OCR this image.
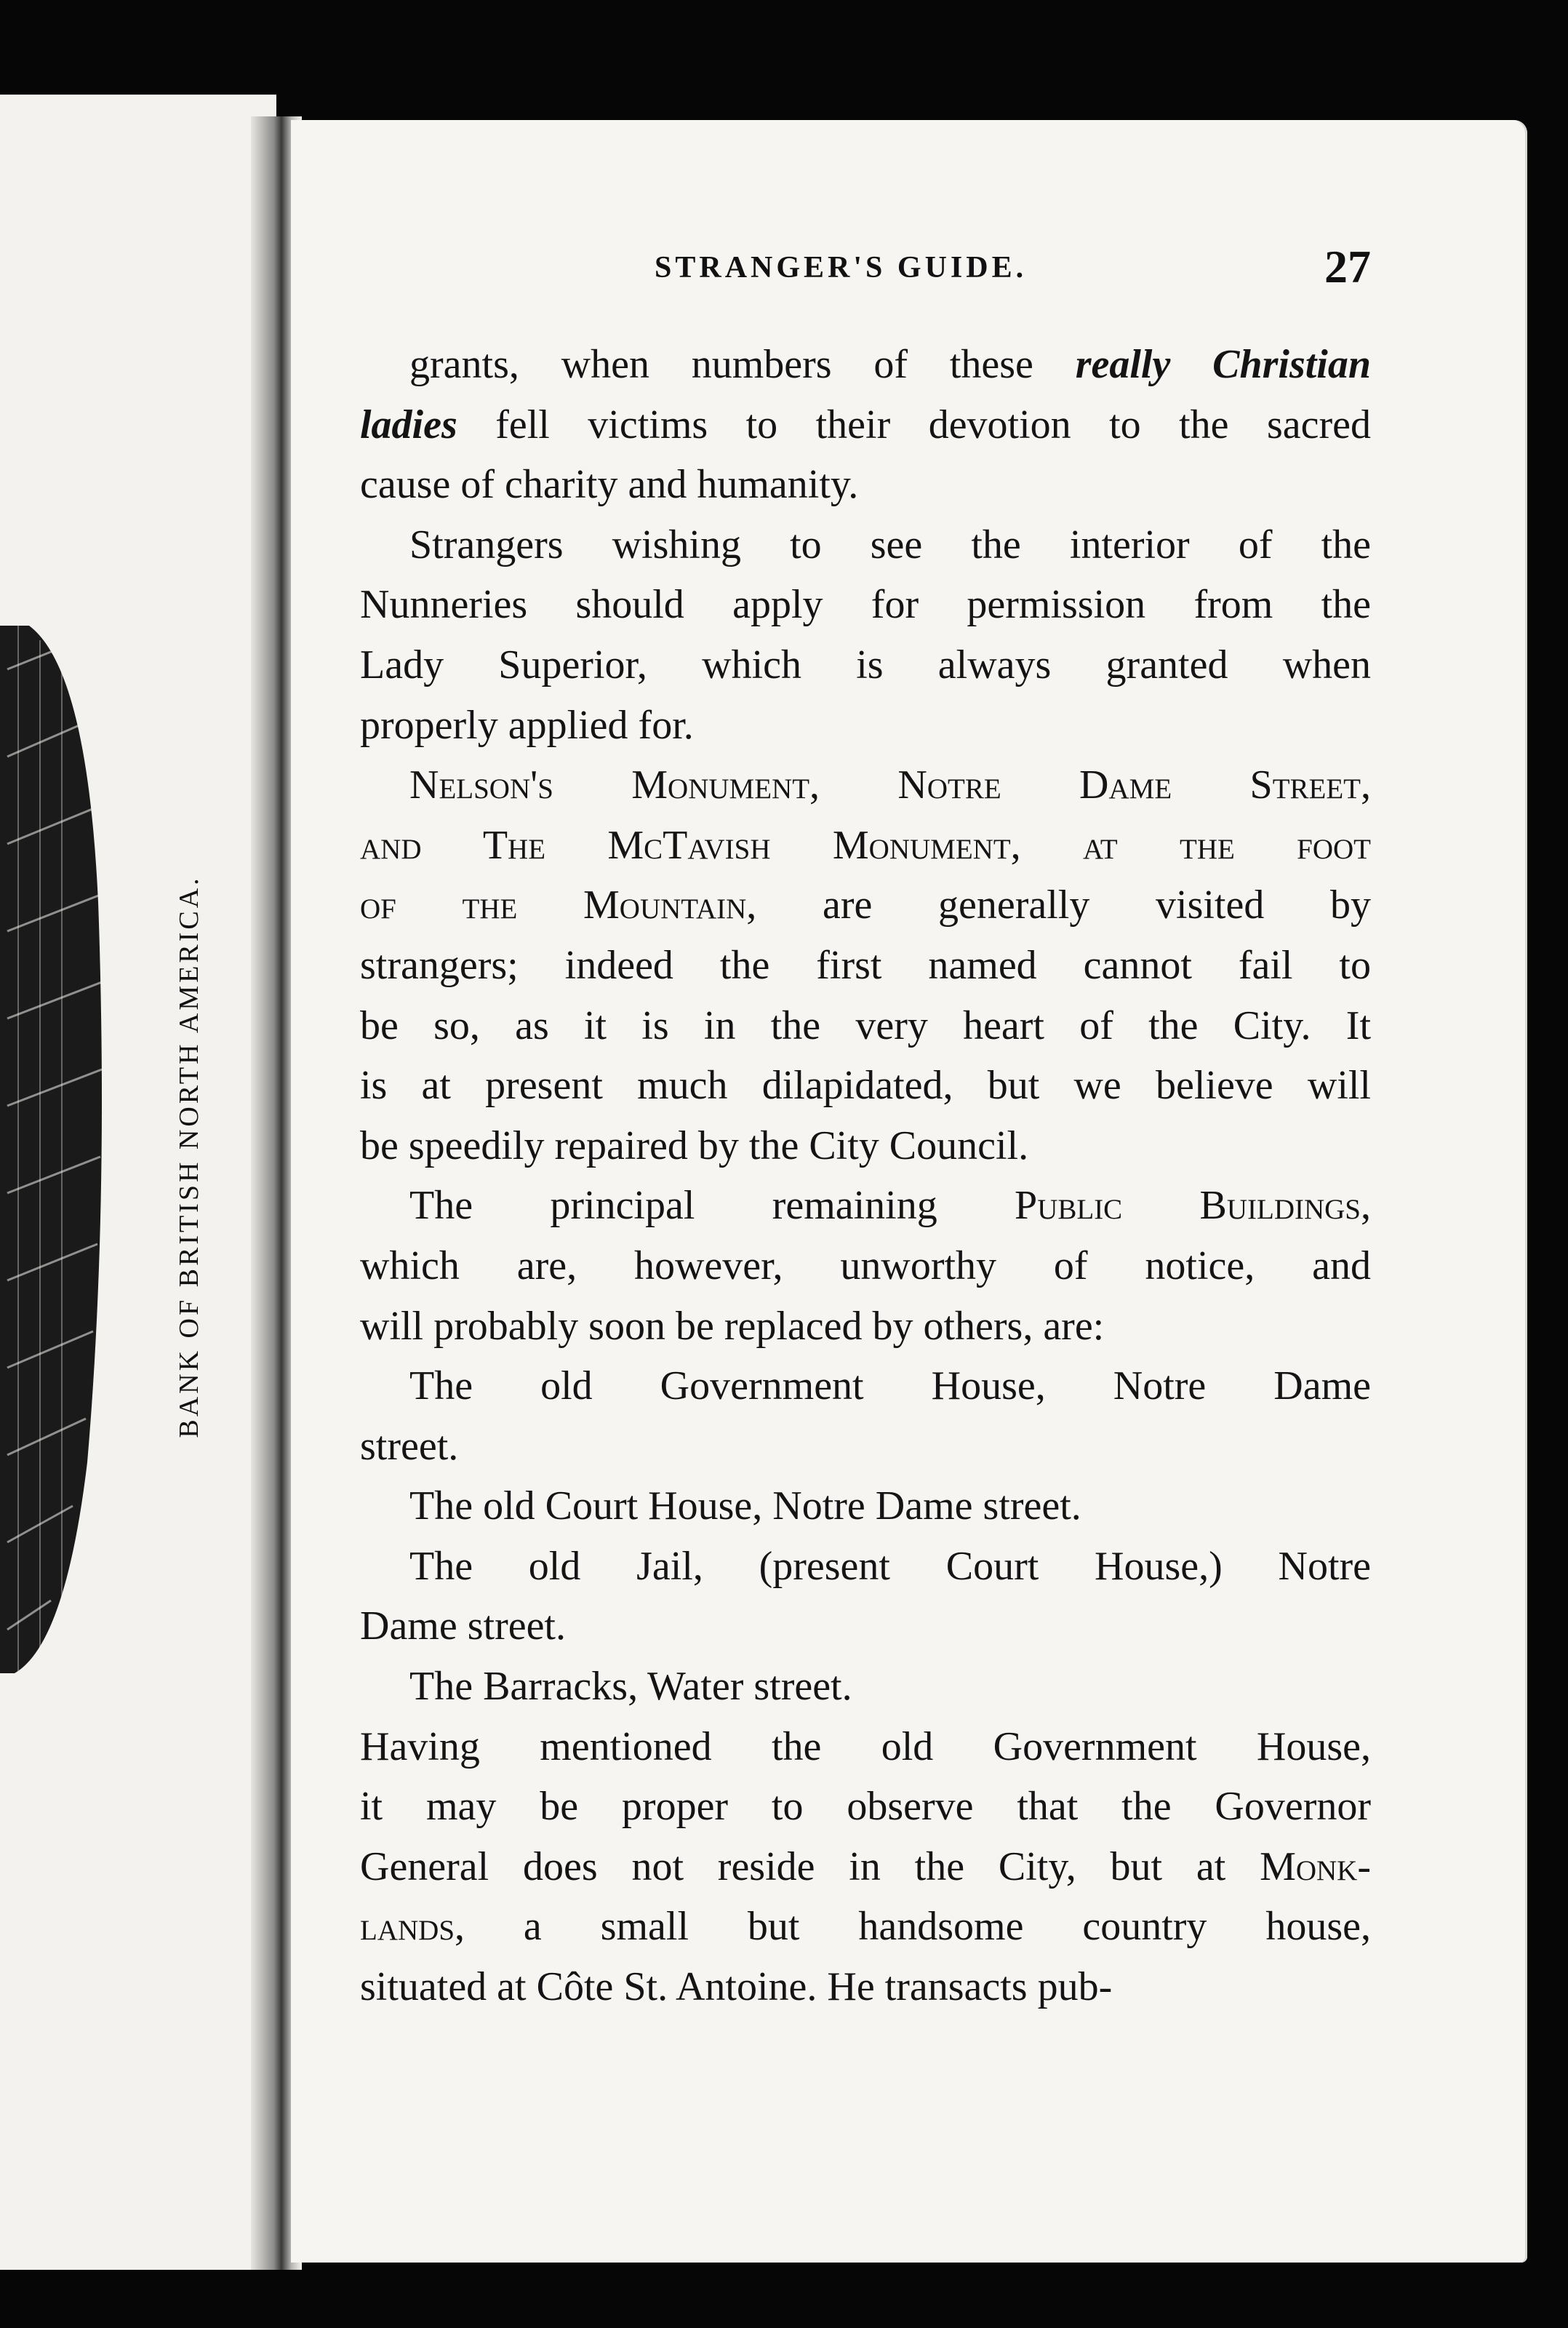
BANK OF BRITISH NORTH AMERICA.
STRANGER'S GUIDE.	27

grants, when numbers of these really Christian

ladies fell victims to their devotion to the sacred

cause of charity and humanity.

Strangers wishing to see the interior of the

Nunneries should apply for permission from the

Lady Superior, which is always granted when

properly applied for.

Nelson's Monument, Notre Dame Street,

and The McTavish Monument, at the foot

of the Mountain, are generally visited by

strangers; indeed the first named cannot fail to

be so, as it is in the very heart of the City. It

is at present much dilapidated, but we believe will

be speedily repaired by the City Council.

The principal remaining Public Buildings,

which are, however, unworthy of notice, and

will probably soon be replaced by others, are:

The old Government House, Notre Dame

street.

The old Court House, Notre Dame street.

The old Jail, (present Court House,) Notre

Dame street.

The Barracks, Water street.

Having mentioned the old Government House,

it may be proper to observe that the Governor

General does not reside in the City, but at Monk-

lands, a small but handsome country house,

situated at Côte St. Antoine. He transacts pub-
